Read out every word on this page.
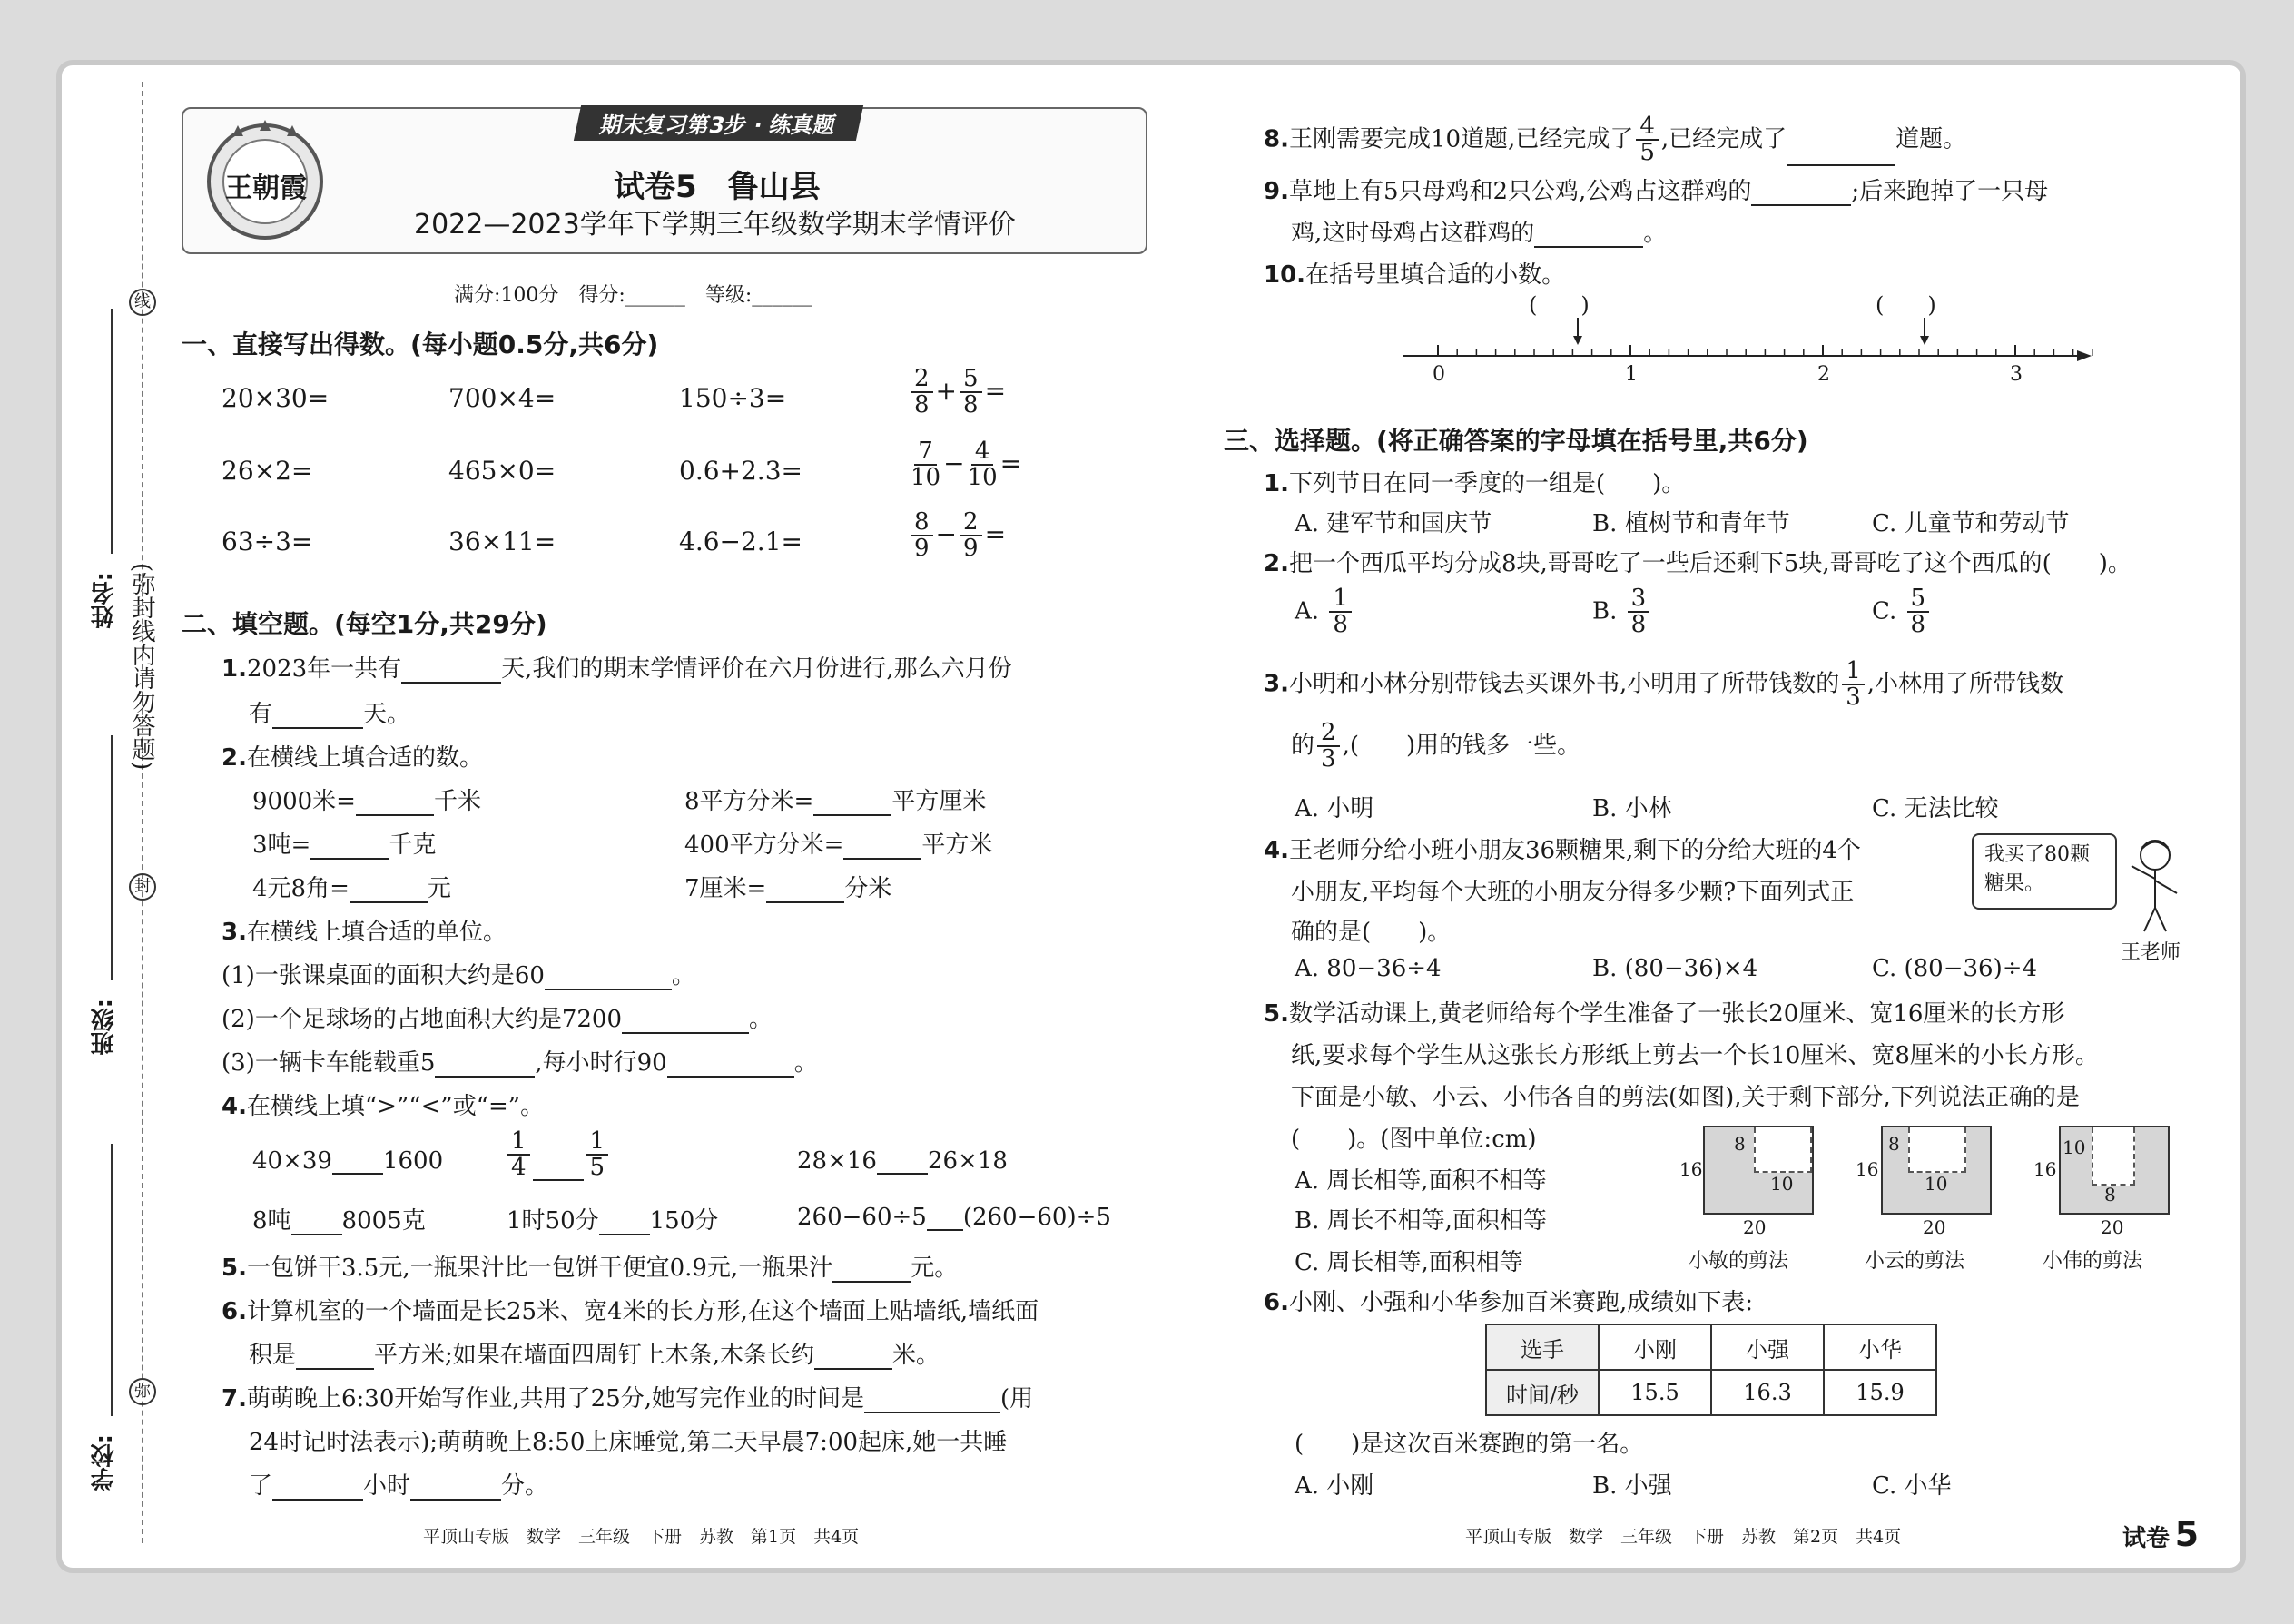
线
(弥封线内请勿答题)
封
弥
姓名:
班级:
学校:
王朝霞
期末复习第3步 · 练真题
试卷5　鲁山县
2022—2023学年下学期三年级数学期末学情评价
满分:100分　得分:______　等级:______
一、直接写出得数。(每小题0.5分,共6分)
20×30=	700×4=	150÷3=	$\frac{2}{8} + \frac{5}{8}$ =
26×2=	465×0=	0.6+2.3=	$\frac{7}{10} - \frac{4}{10}$ =
63÷3=	36×11=	4.6−2.1=	$\frac{8}{9} - \frac{2}{9}$ =
二、填空题。(每空1分,共29分)
1.2023年一共有	天,我们的期末学情评价在六月份进行,那么六月份
有	天。
2.在横线上填合适的数。
9000米=	千米	8平方分米=	平方厘米
3吨=	千克	400平方分米=	平方米
4元8角=	元	7厘米=	分米
3.在横线上填合适的单位。
(1)一张课桌面的面积大约是60	。
(2)一个足球场的占地面积大约是7200	。
(3)一辆卡车能载重5	,每小时行90	。
4.在横线上填“>”“<”或“=”。
40×39 1600	$\frac{1}{4} \frac{1}{5}$	28×16 26×18
8吨 8005克	1时50分 150分	260−60÷5 (260−60)÷5
5.一包饼干3.5元,一瓶果汁比一包饼干便宜0.9元,一瓶果汁	元。
6.计算机室的一个墙面是长25米、宽4米的长方形,在这个墙面上贴墙纸,墙纸面
积是	平方米;如果在墙面四周钉上木条,木条长约	米。
7.萌萌晚上6:30开始写作业,共用了25分,她写完作业的时间是	(用
24时记时法表示);萌萌晚上8:50上床睡觉,第二天早晨7:00起床,她一共睡
了	小时	分。
平顶山专版　数学　三年级　下册　苏教　第1页　共4页
8.王刚需要完成10道题,已经完成了 $\frac{4}{5}$ ,已经完成了	道题。
9.草地上有5只母鸡和2只公鸡,公鸡占这群鸡的	;后来跑掉了一只母
鸡,这时母鸡占这群鸡的	。
10.在括号里填合适的小数。
(　　)	(　　)
0	1	2	3
三、选择题。(将正确答案的字母填在括号里,共6分)
1.下列节日在同一季度的一组是(　　)。
A. 建军节和国庆节	B. 植树节和青年节	C. 儿童节和劳动节
2.把一个西瓜平均分成8块,哥哥吃了一些后还剩下5块,哥哥吃了这个西瓜的(　　)。
A. $\frac{1}{8}$	B. $\frac{3}{8}$	C. $\frac{5}{8}$
3.小明和小林分别带钱去买课外书,小明用了所带钱数的 $\frac{1}{3}$ ,小林用了所带钱数
的 $\frac{2}{3}$ ,(　　)用的钱多一些。
A. 小明	B. 小林	C. 无法比较
4.王老师分给小班小朋友36颗糖果,剩下的分给大班的4个
小朋友,平均每个大班的小朋友分得多少颗?下面列式正
确的是(　　)。
我买了80颗糖果。
王老师
A. 80−36÷4	B. (80−36)×4	C. (80−36)÷4
5.数学活动课上,黄老师给每个学生准备了一张长20厘米、宽16厘米的长方形
纸,要求每个学生从这张长方形纸上剪去一个长10厘米、宽8厘米的小长方形。
下面是小敏、小云、小伟各自的剪法(如图),关于剩下部分,下列说法正确的是
(　　)。(图中单位:cm)
A. 周长相等,面积不相等
B. 周长不相等,面积相等
C. 周长相等,面积相等
8
10
16
20
小敏的剪法
8
10
16
20
小云的剪法
10
8
16
20
小伟的剪法
6.小刚、小强和小华参加百米赛跑,成绩如下表:
选手	小刚	小强	小华
时间/秒	15.5	16.3	15.9
(　　)是这次百米赛跑的第一名。
A. 小刚	B. 小强	C. 小华
平顶山专版　数学　三年级　下册　苏教　第2页　共4页	试卷 5
